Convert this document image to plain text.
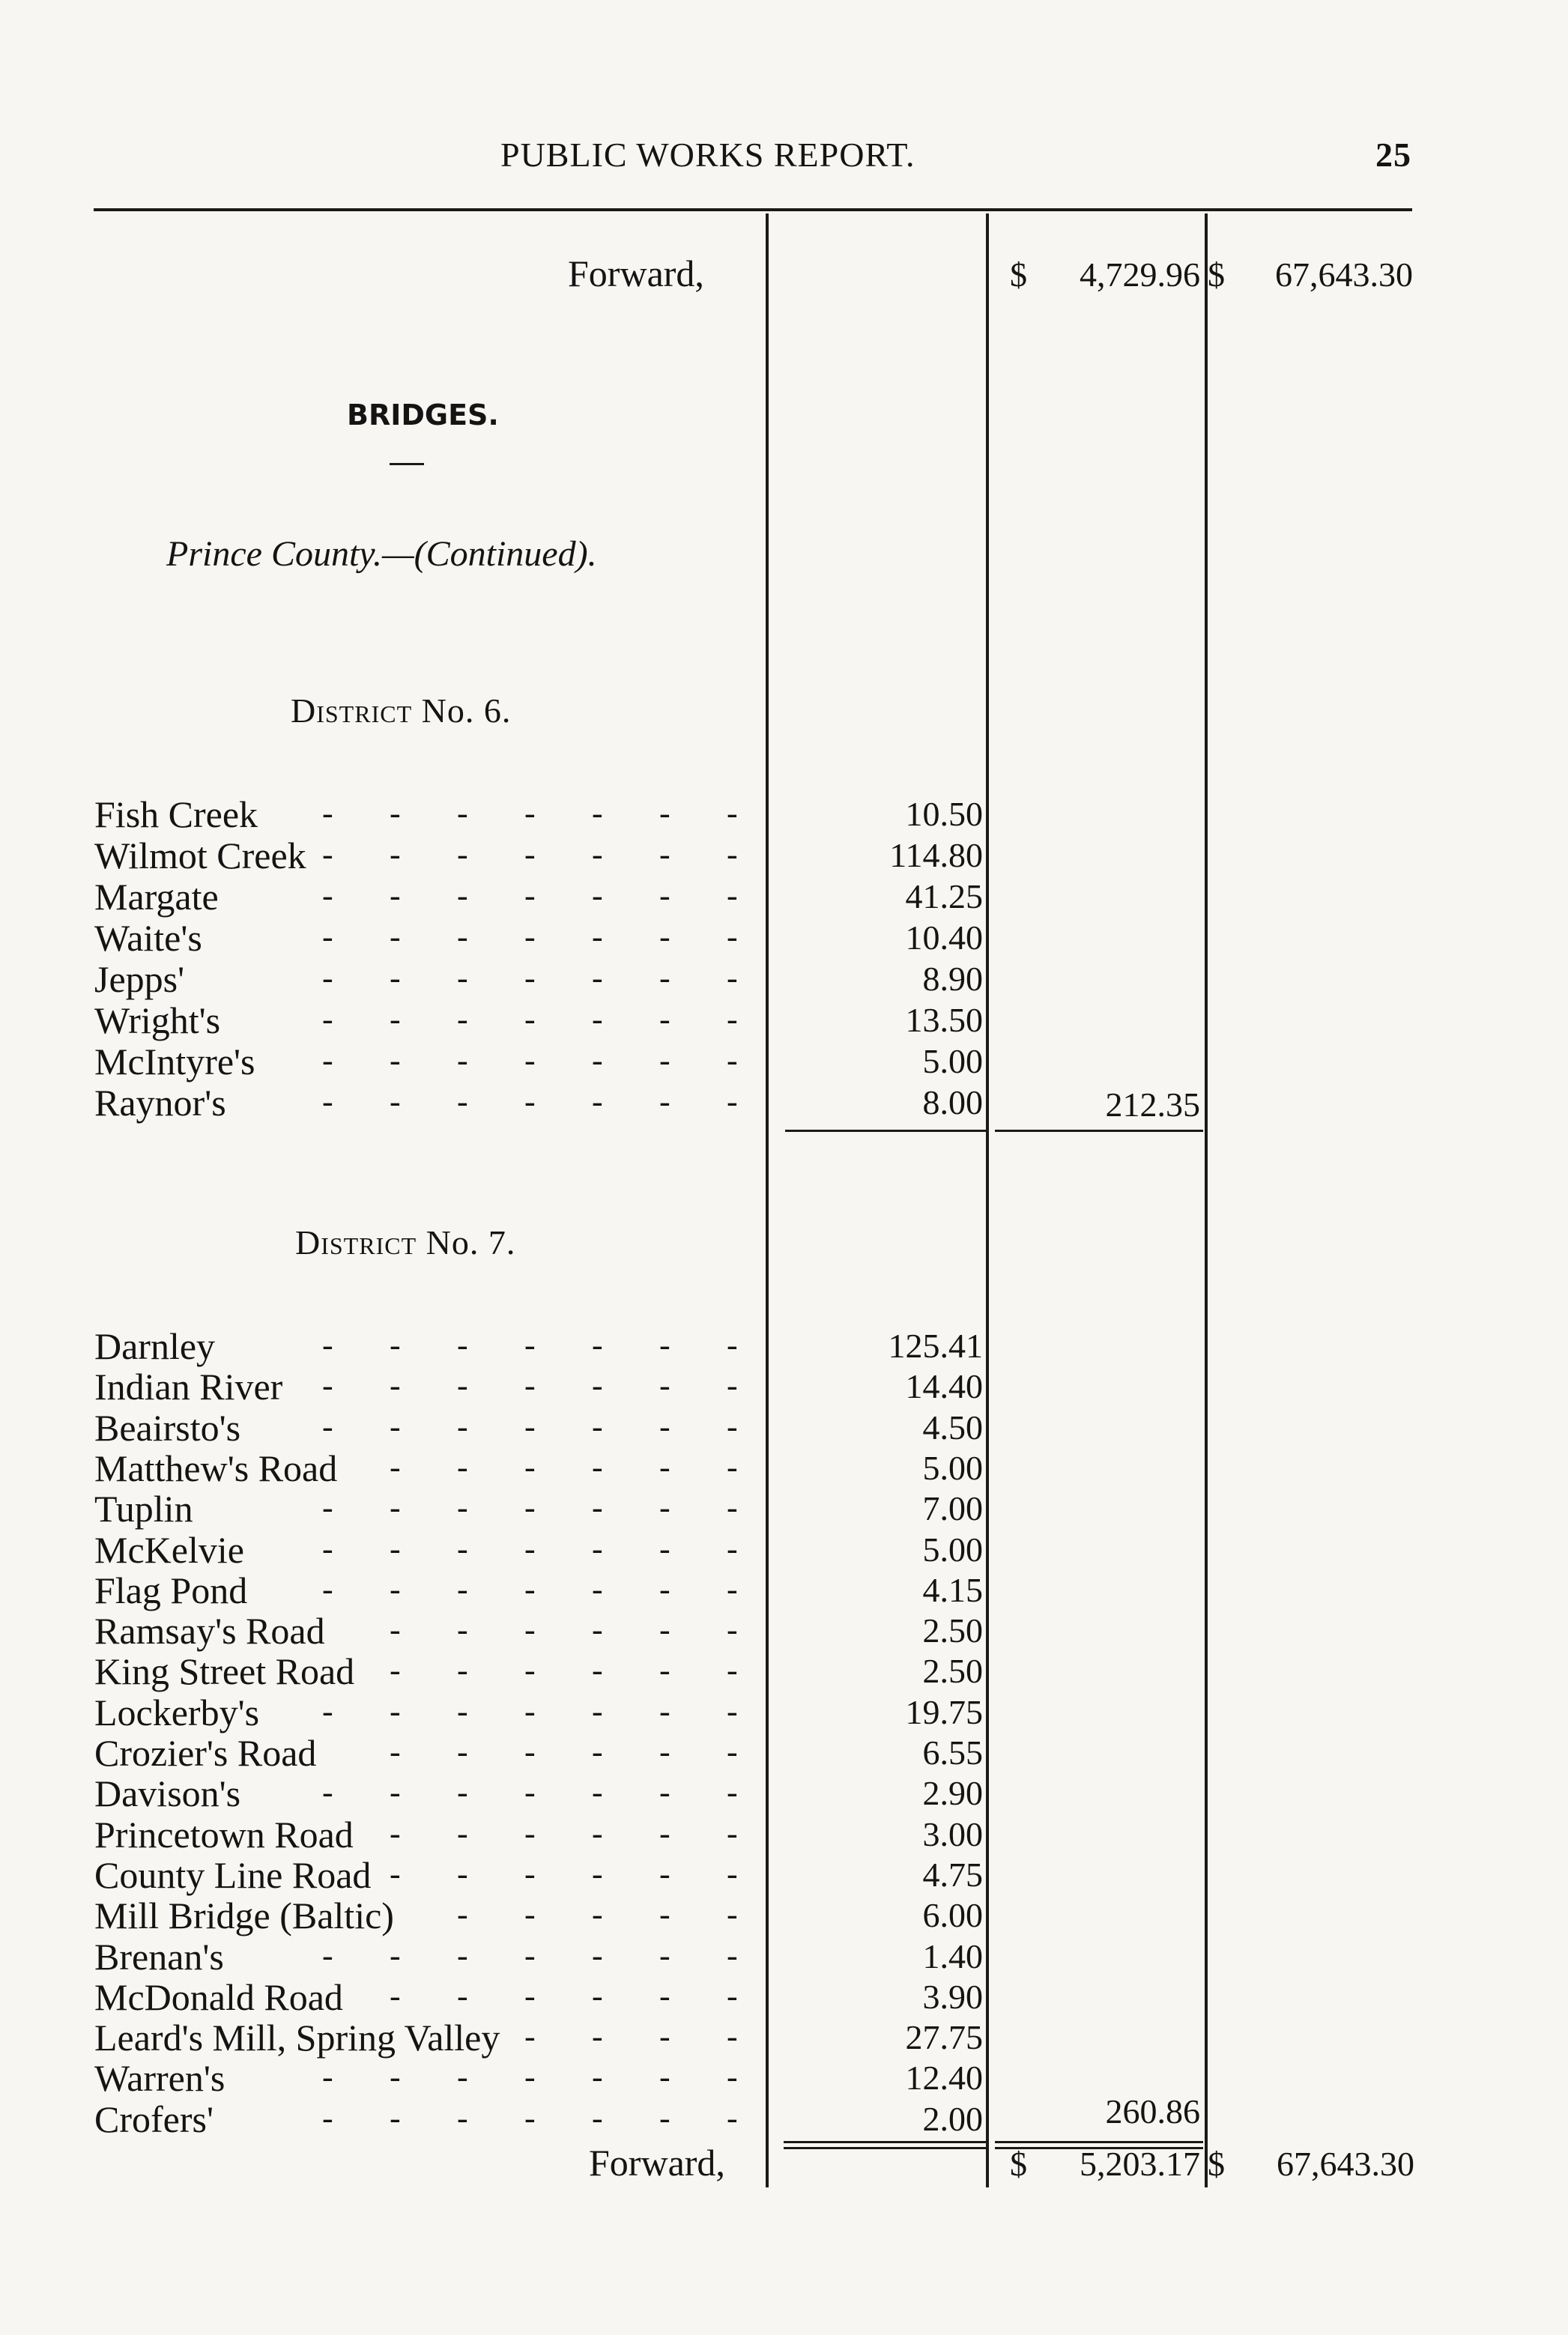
PUBLIC WORKS REPORT.	25
Forward,	$	4,729.96 $	67,643.30
BRIDGES.
Prince County.—(Continued).
District No. 6.
Fish Creek - - - - - - -	10.50
Wilmot Creek - - - - - - -	114.80
Margate	- - - - - - -	41.25
Waite's	- - - - - - -	10.40
Jepps'	- - - - - - -	8.90
Wright's	- - - - - - -	13.50
McIntyre's - - - - - - -	5.00
Raynor's	- - - - - - -	8.00	212.35
District No. 7.
Darnley	- - - - - - -	125.41
Indian River - - - - - - -	14.40
Beairsto's - - - - - - -	4.50
Matthew's Road - - - - - -	5.00
Tuplin	- - - - - - -	7.00
McKelvie - - - - - - -	5.00
Flag Pond - - - - - - -	4.15
Ramsay's Road - - - - - -	2.50
King Street Road - - - - - -	2.50
Lockerby's - - - - - - -	19.75
Crozier's Road - - - - - -	6.55
Davison's - - - - - - -	2.90
Princetown Road - - - - - -	3.00
County Line Road - - - - - -	4.75
Mill Bridge (Baltic) - - - - -	6.00
Brenan's	- - - - - - -	1.40
McDonald Road - - - - - -	3.90
Leard's Mill, Spring Valley - - - -	27.75
Warren's	- - - - - - -	12.40
Crofers'	- - - - - - -	2.00	260.86
Forward,	$	5,203.17 $	67,643.30
